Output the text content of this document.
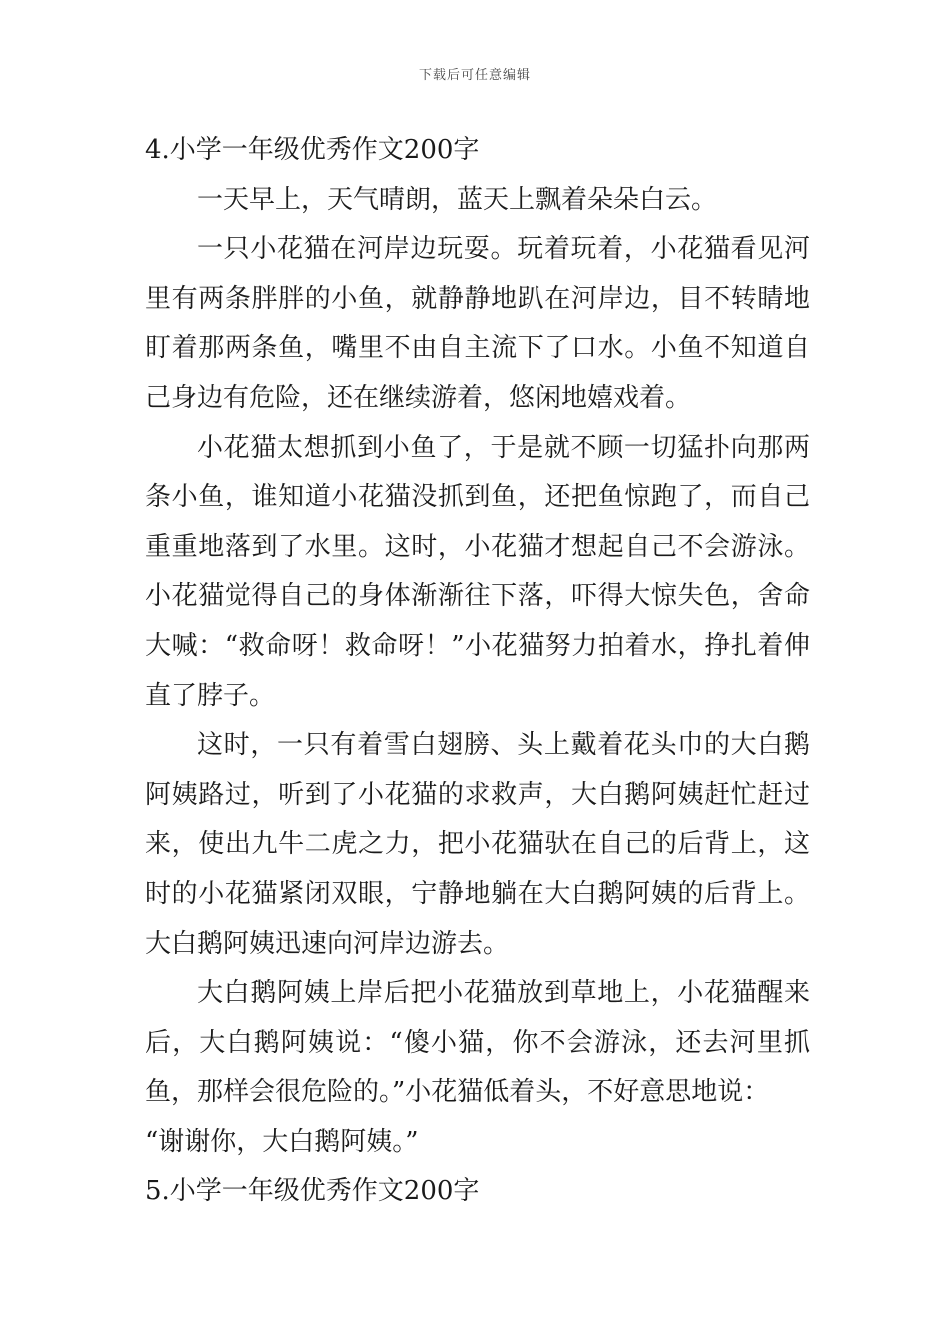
下载后可任意编辑

4.小学一年级优秀作文200字

一天早上，天气晴朗，蓝天上飘着朵朵白云。

一只小花猫在河岸边玩耍。玩着玩着，小花猫看见河里有两条胖胖的小鱼，就静静地趴在河岸边，目不转睛地盯着那两条鱼，嘴里不由自主流下了口水。小鱼不知道自己身边有危险，还在继续游着，悠闲地嬉戏着。

小花猫太想抓到小鱼了，于是就不顾一切猛扑向那两条小鱼，谁知道小花猫没抓到鱼，还把鱼惊跑了，而自己重重地落到了水里。这时，小花猫才想起自己不会游泳。小花猫觉得自己的身体渐渐往下落，吓得大惊失色，舍命大喊：“救命呀！救命呀！”小花猫努力拍着水，挣扎着伸直了脖子。

这时，一只有着雪白翅膀、头上戴着花头巾的大白鹅阿姨路过，听到了小花猫的求救声，大白鹅阿姨赶忙赶过来，使出九牛二虎之力，把小花猫驮在自己的后背上，这时的小花猫紧闭双眼，宁静地躺在大白鹅阿姨的后背上。大白鹅阿姨迅速向河岸边游去。

大白鹅阿姨上岸后把小花猫放到草地上，小花猫醒来后，大白鹅阿姨说：“傻小猫，你不会游泳，还去河里抓鱼，那样会很危险的。”小花猫低着头，不好意思地说：

“谢谢你，大白鹅阿姨。”

5.小学一年级优秀作文200字
